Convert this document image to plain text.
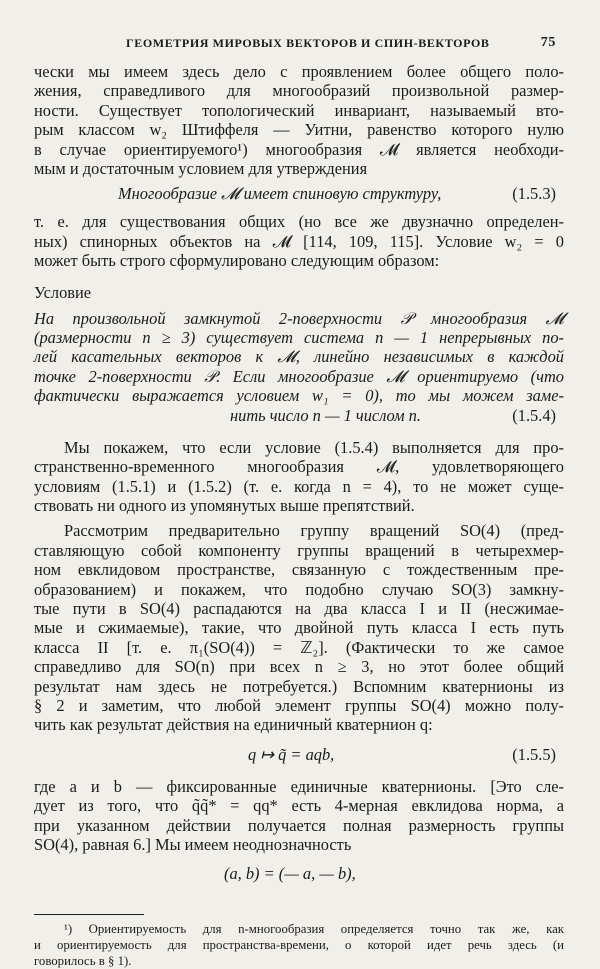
ГЕОМЕТРИЯ МИРОВЫХ ВЕКТОРОВ И СПИН-ВЕКТОРОВ	75

чески мы имеем здесь дело с проявлением более общего поло-
жения, справедливого для многообразий произвольной размер-
ности. Существует топологический инвариант, называемый вто-
рым классом w₂ Штиффеля — Уитни, равенство которого нулю
в случае ориентируемого¹) многообразия 𝓜 является необходи-
мым и достаточным условием для утверждения

Многообразие 𝓜 имеет спиновую структуру,	(1.5.3)

т. е. для существования общих (но все же двузначно определен-
ных) спинорных объектов на 𝓜 [114, 109, 115]. Условие w₂ = 0
может быть строго сформулировано следующим образом:

Условие

На произвольной замкнутой 2-поверхности 𝒫 многообразия 𝓜
(размерности n ≥ 3) существует система n — 1 непрерывных по-
лей касательных векторов к 𝓜, линейно независимых в каждой
точке 2-поверхности 𝒫. Если многообразие 𝓜 ориентируемо (что
фактически выражается условием w₁ = 0), то мы можем заме-

нить число n — 1 числом n.	(1.5.4)

Мы покажем, что если условие (1.5.4) выполняется для про-
странственно-временного многообразия 𝓜, удовлетворяющего
условиям (1.5.1) и (1.5.2) (т. е. когда n = 4), то не может суще-
ствовать ни одного из упомянутых выше препятствий.

Рассмотрим предварительно группу вращений SO(4) (пред-
ставляющую собой компоненту группы вращений в четырехмер-
ном евклидовом пространстве, связанную с тождественным пре-
образованием) и покажем, что подобно случаю SO(3) замкну-
тые пути в SO(4) распадаются на два класса I и II (несжимае-
мые и сжимаемые), такие, что двойной путь класса I есть путь
класса II [т. е. π₁(SO(4)) = ℤ₂]. (Фактически то же самое
справедливо для SO(n) при всех n ≥ 3, но этот более общий
результат нам здесь не потребуется.) Вспомним кватернионы из
§ 2 и заметим, что любой элемент группы SO(4) можно полу-
чить как результат действия на единичный кватернион q:

q ↦ q̃ = aqb,	(1.5.5)

где a и b — фиксированные единичные кватернионы. [Это сле-
дует из того, что q̃q̃* = qq* есть 4-мерная евклидова норма, а
при указанном действии получается полная размерность группы
SO(4), равная 6.] Мы имеем неоднозначность

(a, b) = (— a, — b),

¹) Ориентируемость для n-многообразия определяется точно так же, как
и ориентируемость для пространства-времени, о которой идет речь здесь (и
говорилось в § 1).
